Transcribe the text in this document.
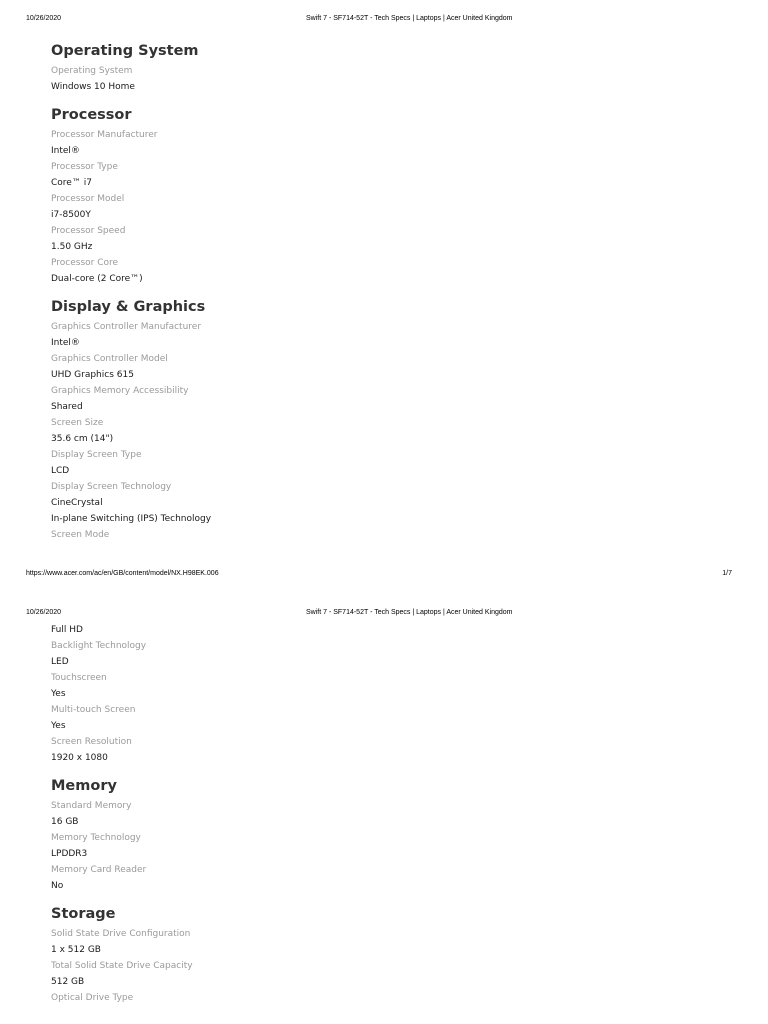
10/26/2020	Swift 7 - SF714-52T - Tech Specs | Laptops | Acer United Kingdom
Operating System
Operating System
Windows 10 Home
Processor
Processor Manufacturer
Intel®
Processor Type
Core™ i7
Processor Model
i7-8500Y
Processor Speed
1.50 GHz
Processor Core
Dual-core (2 Core™)
Display & Graphics
Graphics Controller Manufacturer
Intel®
Graphics Controller Model
UHD Graphics 615
Graphics Memory Accessibility
Shared
Screen Size
35.6 cm (14")
Display Screen Type
LCD
Display Screen Technology
CineCrystal
In-plane Switching (IPS) Technology
Screen Mode
https://www.acer.com/ac/en/GB/content/model/NX.H98EK.006	1/7
10/26/2020	Swift 7 - SF714-52T - Tech Specs | Laptops | Acer United Kingdom
Full HD
Backlight Technology
LED
Touchscreen
Yes
Multi-touch Screen
Yes
Screen Resolution
1920 x 1080
Memory
Standard Memory
16 GB
Memory Technology
LPDDR3
Memory Card Reader
No
Storage
Solid State Drive Configuration
1 x 512 GB
Total Solid State Drive Capacity
512 GB
Optical Drive Type
